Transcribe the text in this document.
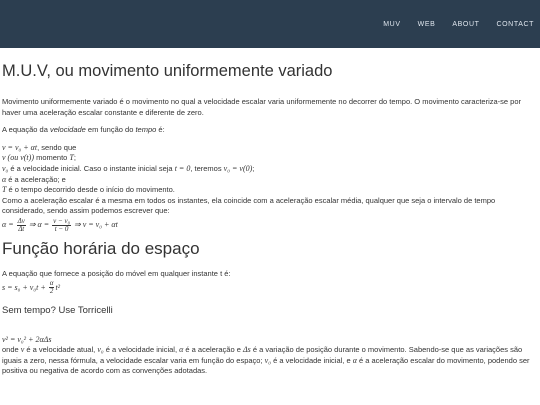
MUV WEB ABOUT CONTACT
M.U.V, ou movimento uniformemente variado

Movimento uniformemente variado é o movimento no qual a velocidade escalar varia uniformemente no decorrer do tempo. O movimento caracteriza-se por haver uma aceleração escalar constante e diferente de zero.

A equação da velocidade em função do tempo é:

v = v₀ + αt, sendo que
v (ou v(t)) momento T;
v₀ é a velocidade inicial. Caso o instante inicial seja t = 0, teremos v₀ = v(0);
α é a aceleração; e
T é o tempo decorrido desde o início do movimento.

Como a aceleração escalar é a mesma em todos os instantes, ela coincide com a aceleração escalar média, qualquer que seja o intervalo de tempo considerado, sendo assim podemos escrever que:

$\alpha = \frac{\Delta v}{\Delta t}$ ⇒ $\alpha = \frac{\text{v − v₀}}{t - 0}$ ⇒ v = v₀ + αt
Função horária do espaço

A equação que fornece a posição do móvel em qualquer instante t é:

$s = s_0 + v_0t + \frac{\alpha}{2} t^2$
Sem tempo? Use Torricelli
v² = v₀² + 2αΔs

onde v é a velocidade atual, v₀ é a velocidade inicial, α é a aceleração e Δs é a variação de posição durante o movimento. Sabendo-se que as variações são iguais a zero, nessa fórmula, a velocidade escalar varia em função do espaço; v₀ é a velocidade inicial, e α é a aceleração escalar do movimento, podendo ser positiva ou negativa de acordo com as convenções adotadas.
